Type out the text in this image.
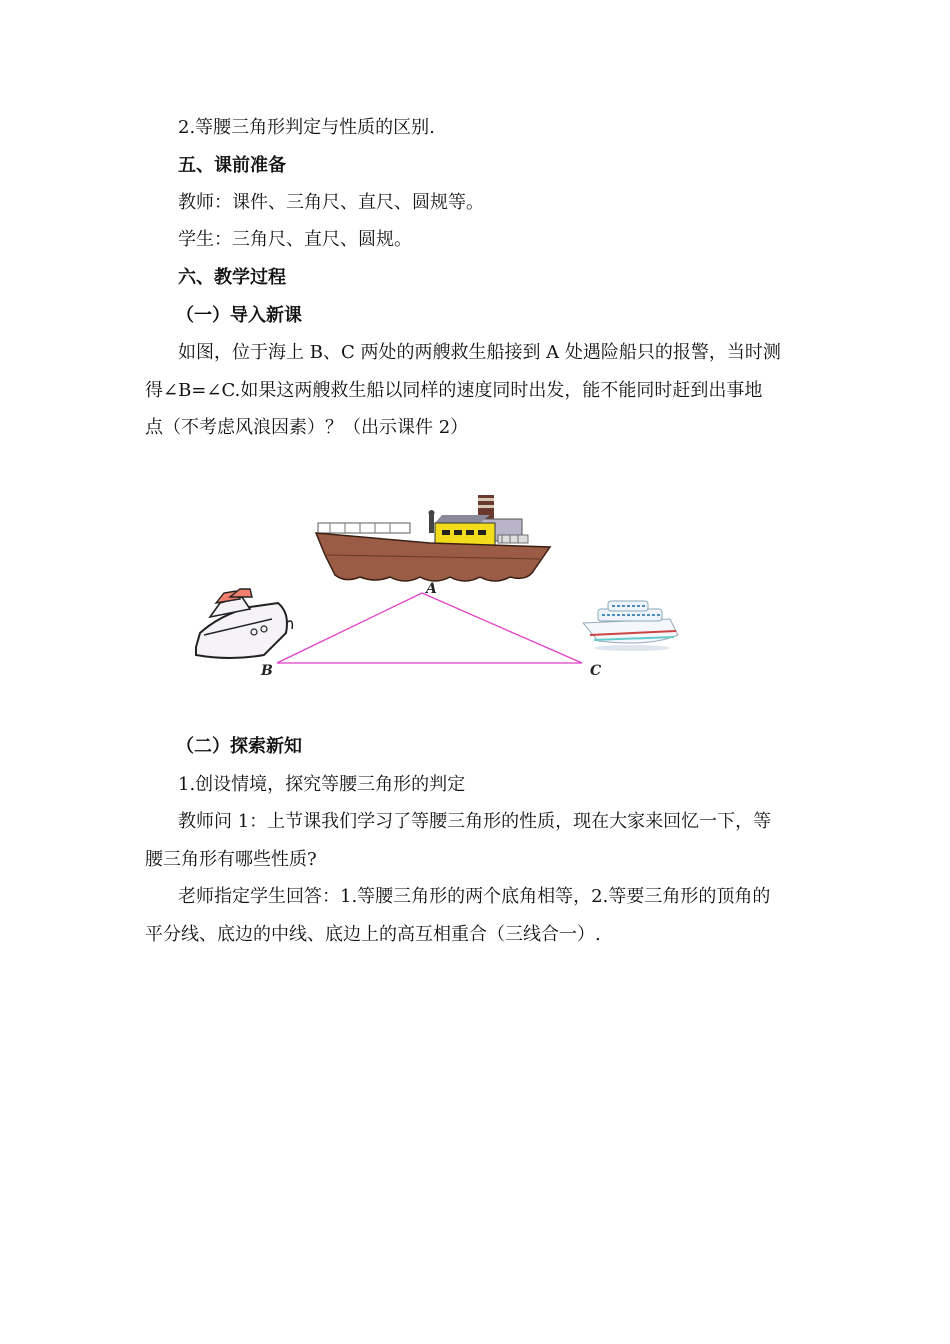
2.等腰三角形判定与性质的区别.
五、课前准备
教师：课件、三角尺、直尺、圆规等。
学生：三角尺、直尺、圆规。
六、教学过程
（一）导入新课
如图，位于海上 B、C 两处的两艘救生船接到 A 处遇险船只的报警，当时测
得∠B=∠C.如果这两艘救生船以同样的速度同时出发，能不能同时赶到出事地
点（不考虑风浪因素）？（出示课件 2）
A
B	C
（二）探索新知
1.创设情境，探究等腰三角形的判定
教师问 1：上节课我们学习了等腰三角形的性质，现在大家来回忆一下，等
腰三角形有哪些性质?
老师指定学生回答：1.等腰三角形的两个底角相等，2.等要三角形的顶角的
平分线、底边的中线、底边上的高互相重合（三线合一）.
